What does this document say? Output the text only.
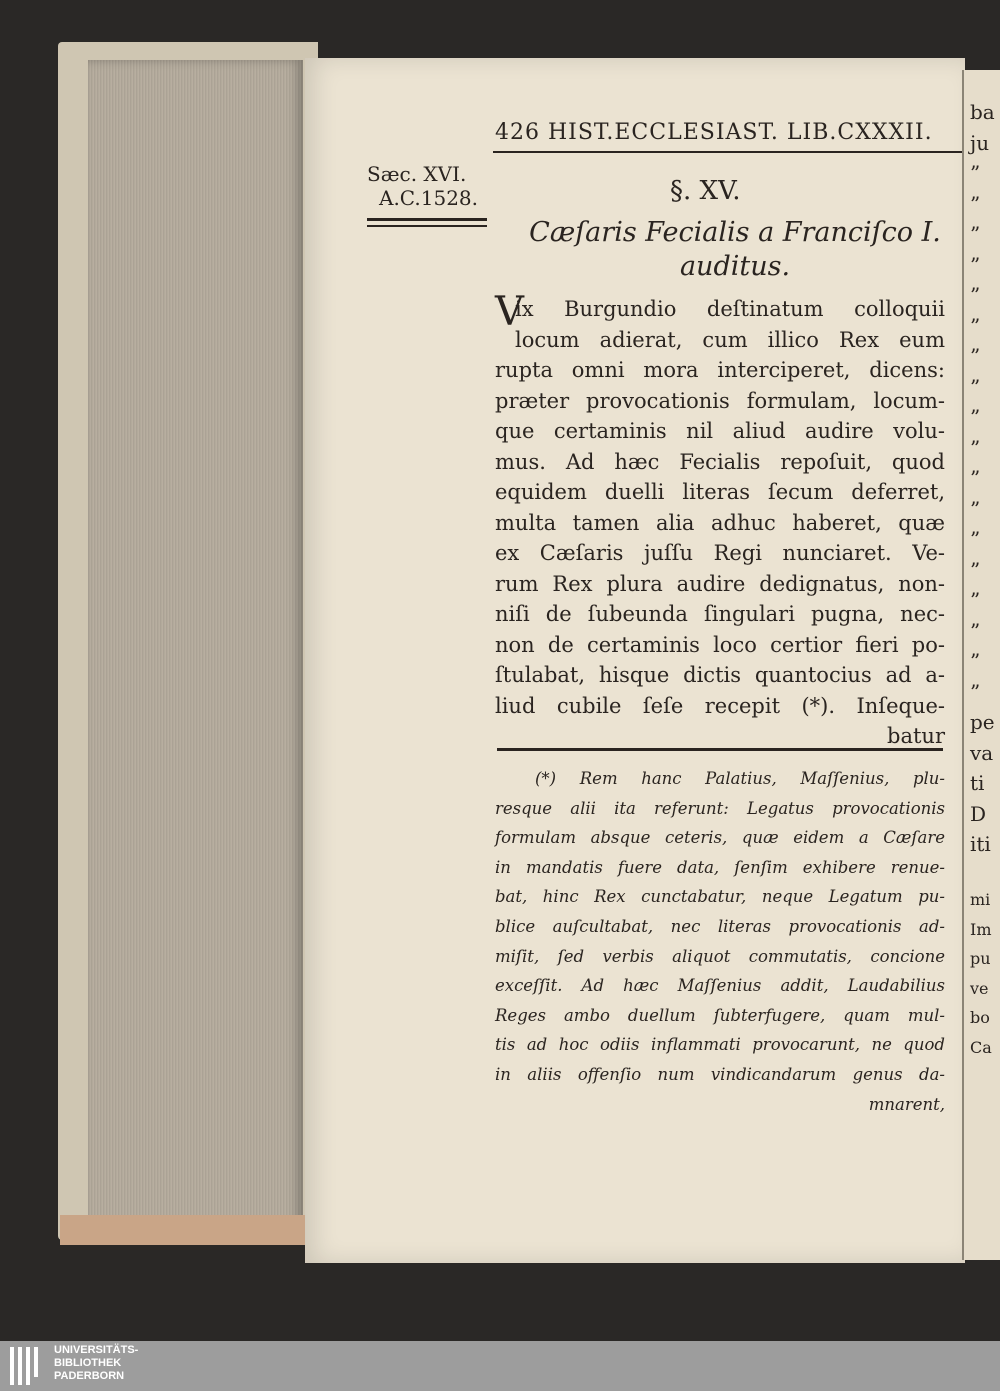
426 HIST.ECCLESIAST. LIB.CXXXII.
Sæc. XVI.
A.C.1528.	§. XV.
Cæſaris Fecialis a Franciſco I.
auditus.
V
ix Burgundio deſtinatum colloquii
locum adierat, cum illico Rex eum
rupta omni mora interciperet, dicens:
præter provocationis formulam, locum-
que certaminis nil aliud audire volu-
mus. Ad hæc Fecialis repoſuit, quod
equidem duelli literas ſecum deferret,
multa tamen alia adhuc haberet, quæ
ex Cæſaris juſſu Regi nunciaret. Ve-
rum Rex plura audire dedignatus, non-
niſi de ſubeunda ſingulari pugna, nec-
non de certaminis loco certior fieri po-
ſtulabat, hisque dictis quantocius ad a-
liud cubile ſeſe recepit (*). Inſeque-
batur
(*) Rem hanc Palatius, Maſſenius, plu-
resque alii ita referunt: Legatus provocationis
formulam absque ceteris, quæ eidem a Cæſare
in mandatis fuere data, ſenſim exhibere renue-
bat, hinc Rex cunctabatur, neque Legatum pu-
blice auſcultabat, nec literas provocationis ad-
miſit, ſed verbis aliquot commutatis, concione
exceſſit. Ad hæc Maſſenius addit, Laudabilius
Reges ambo duellum ſubterfugere, quam mul-
tis ad hoc odiis inflammati provocarunt, ne quod
in aliis offenſio num vindicandarum genus da-
mnarent,
ba
ju
”
”
”
”
”
”
”
”
”
”
”
”
”
”
”
”
”
”
pe
va
ti
D
iti
mi
Im
pu
ve
bo
Ca
UNIVERSITÄTS-
BIBLIOTHEK
PADERBORN
